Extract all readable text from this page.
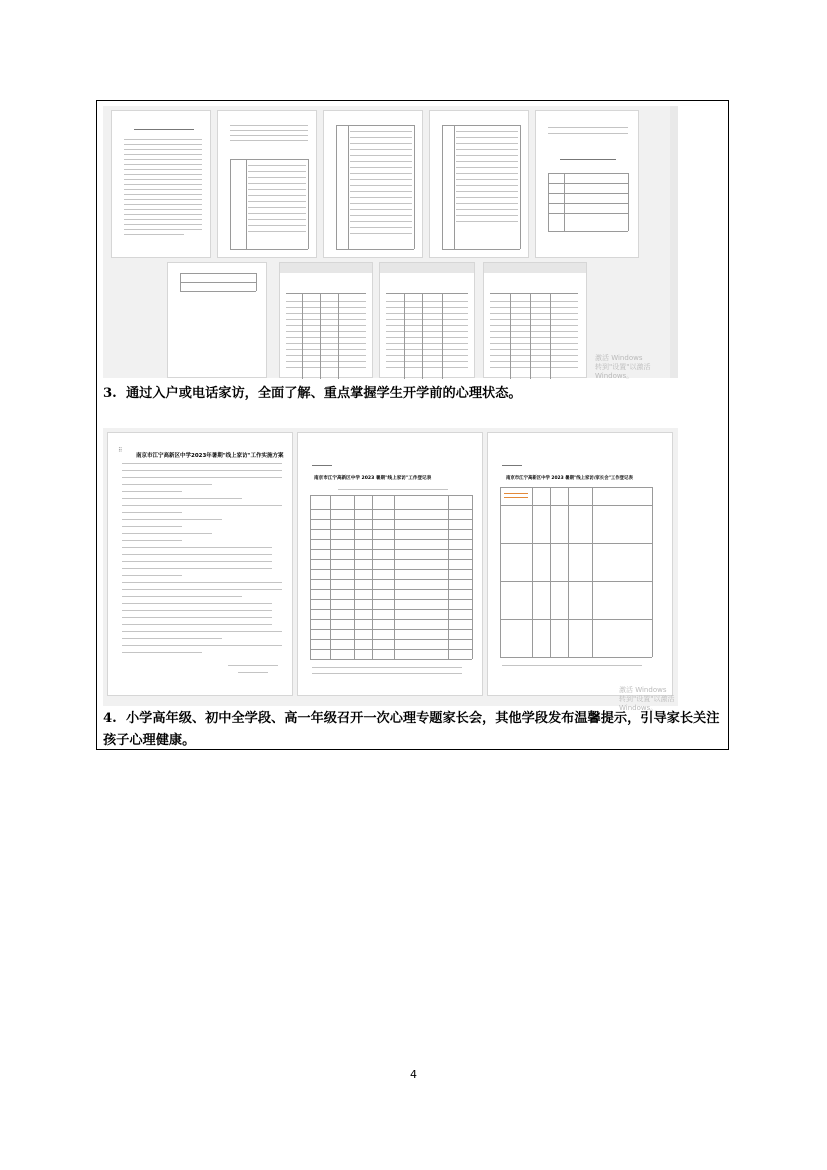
激活 Windows
转到"设置"以激活 Windows。
3. 通过入户或电话家访，全面了解、重点掌握学生开学前的心理状态。
⠿
南京市江宁高新区中学2023年暑期"线上家访"工作实施方案
南京市江宁高新区中学 2023 暑期"线上家访"工作登记表	南京市江宁高新区中学 2023 暑期"线上家访/家长会"工作登记表
激活 Windows
转到"设置"以激活 Windows。
4. 小学高年级、初中全学段、高一年级召开一次心理专题家长会，其他学段发布温馨提示，引导家长关注孩子心理健康。
4
